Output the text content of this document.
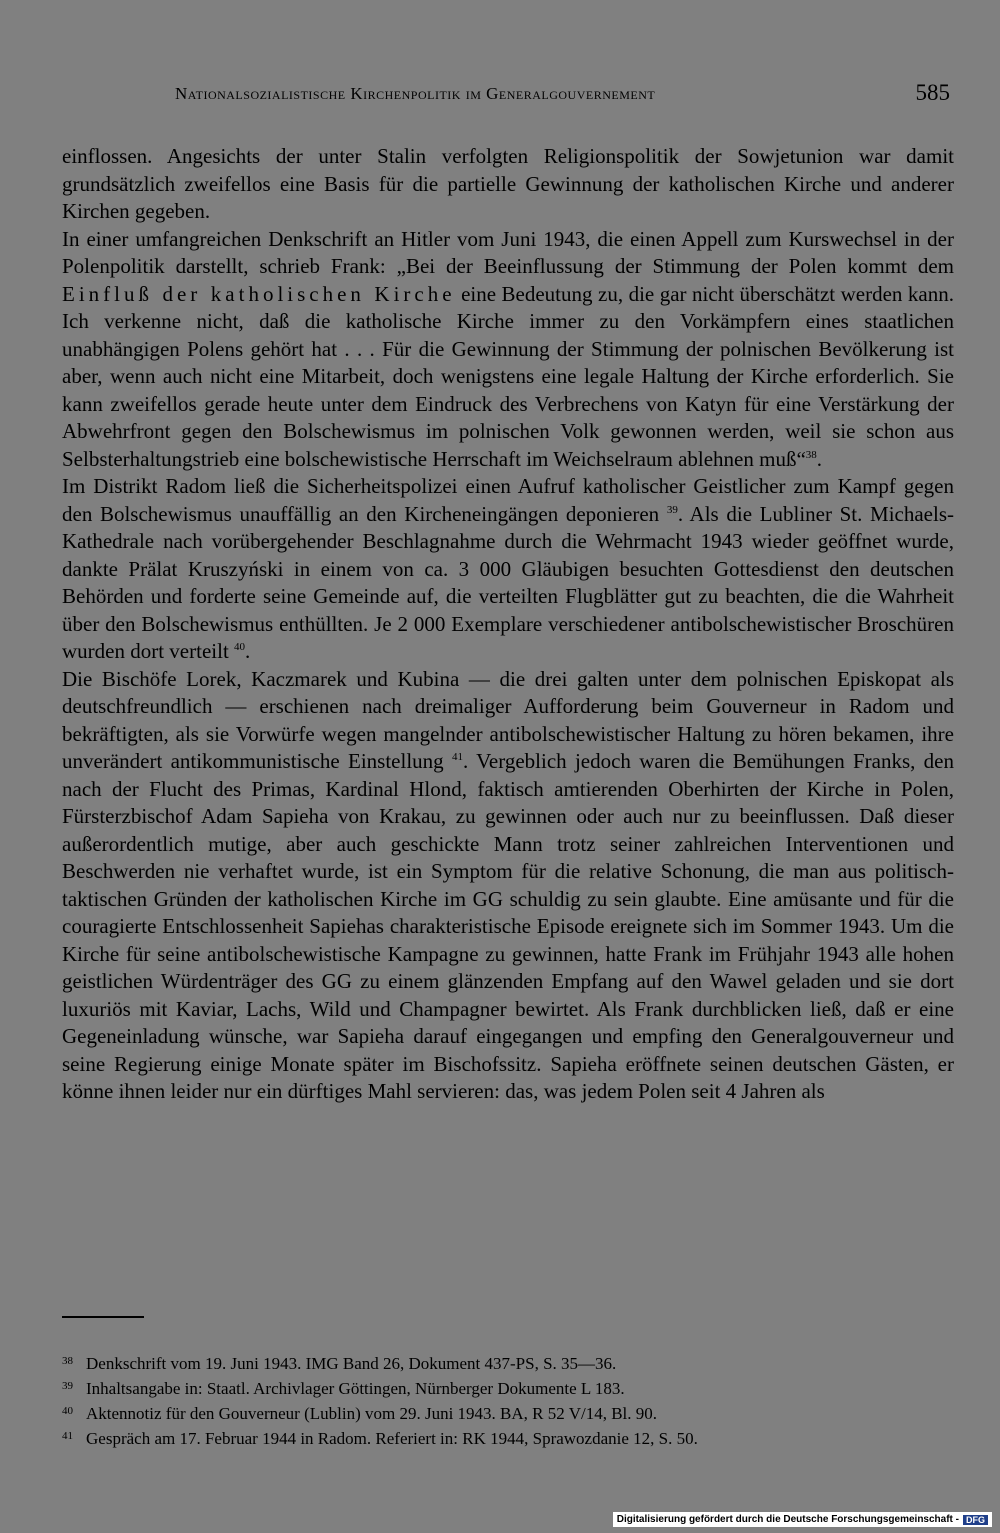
Nationalsozialistische Kirchenpolitik im Generalgouvernement	585

einflossen. Angesichts der unter Stalin verfolgten Religionspolitik der Sowjetunion war damit grundsätzlich zweifellos eine Basis für die partielle Gewinnung der katholischen Kirche und anderer Kirchen gegeben.

In einer umfangreichen Denkschrift an Hitler vom Juni 1943, die einen Appell zum Kurswechsel in der Polenpolitik darstellt, schrieb Frank: „Bei der Beeinflussung der Stimmung der Polen kommt dem Einfluß der katholischen Kirche eine Bedeutung zu, die gar nicht überschätzt werden kann. Ich verkenne nicht, daß die katholische Kirche immer zu den Vorkämpfern eines staatlichen unabhängigen Polens gehört hat . . . Für die Gewinnung der Stimmung der polnischen Bevölkerung ist aber, wenn auch nicht eine Mitarbeit, doch wenigstens eine legale Haltung der Kirche erforderlich. Sie kann zweifellos gerade heute unter dem Eindruck des Verbrechens von Katyn für eine Verstärkung der Abwehrfront gegen den Bolschewismus im polnischen Volk gewonnen werden, weil sie schon aus Selbsterhaltungstrieb eine bolschewistische Herrschaft im Weichselraum ablehnen muß“$^{38}$.

Im Distrikt Radom ließ die Sicherheitspolizei einen Aufruf katholischer Geistlicher zum Kampf gegen den Bolschewismus unauffällig an den Kircheneingängen deponieren $^{39}$. Als die Lubliner St. Michaels-Kathedrale nach vorübergehender Beschlagnahme durch die Wehrmacht 1943 wieder geöffnet wurde, dankte Prälat Kruszyński in einem von ca. 3 000 Gläubigen besuchten Gottesdienst den deutschen Behörden und forderte seine Gemeinde auf, die verteilten Flugblätter gut zu beachten, die die Wahrheit über den Bolschewismus enthüllten. Je 2 000 Exemplare verschiedener antibolschewistischer Broschüren wurden dort verteilt $^{40}$.

Die Bischöfe Lorek, Kaczmarek und Kubina — die drei galten unter dem polnischen Episkopat als deutschfreundlich — erschienen nach dreimaliger Aufforderung beim Gouverneur in Radom und bekräftigten, als sie Vorwürfe wegen mangelnder antibolschewistischer Haltung zu hören bekamen, ihre unverändert antikommunistische Einstellung $^{41}$. Vergeblich jedoch waren die Bemühungen Franks, den nach der Flucht des Primas, Kardinal Hlond, faktisch amtierenden Oberhirten der Kirche in Polen, Fürsterzbischof Adam Sapieha von Krakau, zu gewinnen oder auch nur zu beeinflussen. Daß dieser außerordentlich mutige, aber auch geschickte Mann trotz seiner zahlreichen Interventionen und Beschwerden nie verhaftet wurde, ist ein Symptom für die relative Schonung, die man aus politisch-taktischen Gründen der katholischen Kirche im GG schuldig zu sein glaubte. Eine amüsante und für die couragierte Entschlossenheit Sapiehas charakteristische Episode ereignete sich im Sommer 1943. Um die Kirche für seine antibolschewistische Kampagne zu gewinnen, hatte Frank im Frühjahr 1943 alle hohen geistlichen Würdenträger des GG zu einem glänzenden Empfang auf den Wawel geladen und sie dort luxuriös mit Kaviar, Lachs, Wild und Champagner bewirtet. Als Frank durchblicken ließ, daß er eine Gegeneinladung wünsche, war Sapieha darauf eingegangen und empfing den Generalgouverneur und seine Regierung einige Monate später im Bischofssitz. Sapieha eröffnete seinen deutschen Gästen, er könne ihnen leider nur ein dürftiges Mahl servieren: das, was jedem Polen seit 4 Jahren als

38 Denkschrift vom 19. Juni 1943. IMG Band 26, Dokument 437-PS, S. 35—36.
39 Inhaltsangabe in: Staatl. Archivlager Göttingen, Nürnberger Dokumente L 183.
40 Aktennotiz für den Gouverneur (Lublin) vom 29. Juni 1943. BA, R 52 V/14, Bl. 90.
41 Gespräch am 17. Februar 1944 in Radom. Referiert in: RK 1944, Sprawozdanie 12, S. 50.
Digitalisierung gefördert durch die Deutsche Forschungsgemeinschaft - DFG
